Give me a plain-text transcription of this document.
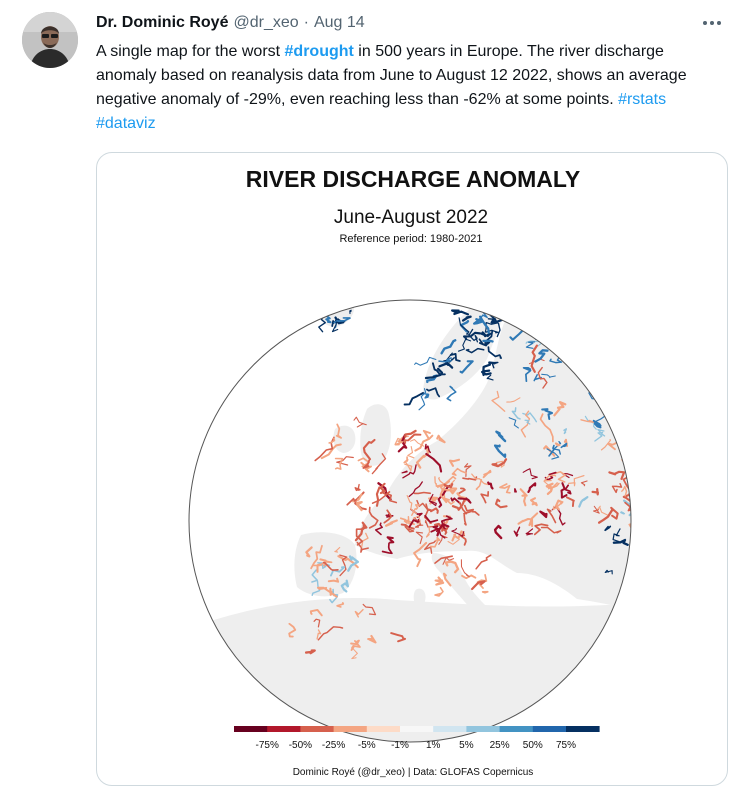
Dr. Dominic Royé @dr_xeo · Aug 14
A single map for the worst #drought in 500 years in Europe. The river discharge anomaly based on reanalysis data from June to August 12 2022, shows an average negative anomaly of -29%, even reaching less than -62% at some points. #rstats #dataviz
RIVER DISCHARGE ANOMALY
June-August 2022
Reference period: 1980-2021
-75% -50% -25% -5% -1% 1% 5% 25% 50% 75%
Dominic Royé (@dr_xeo) | Data: GLOFAS Copernicus
